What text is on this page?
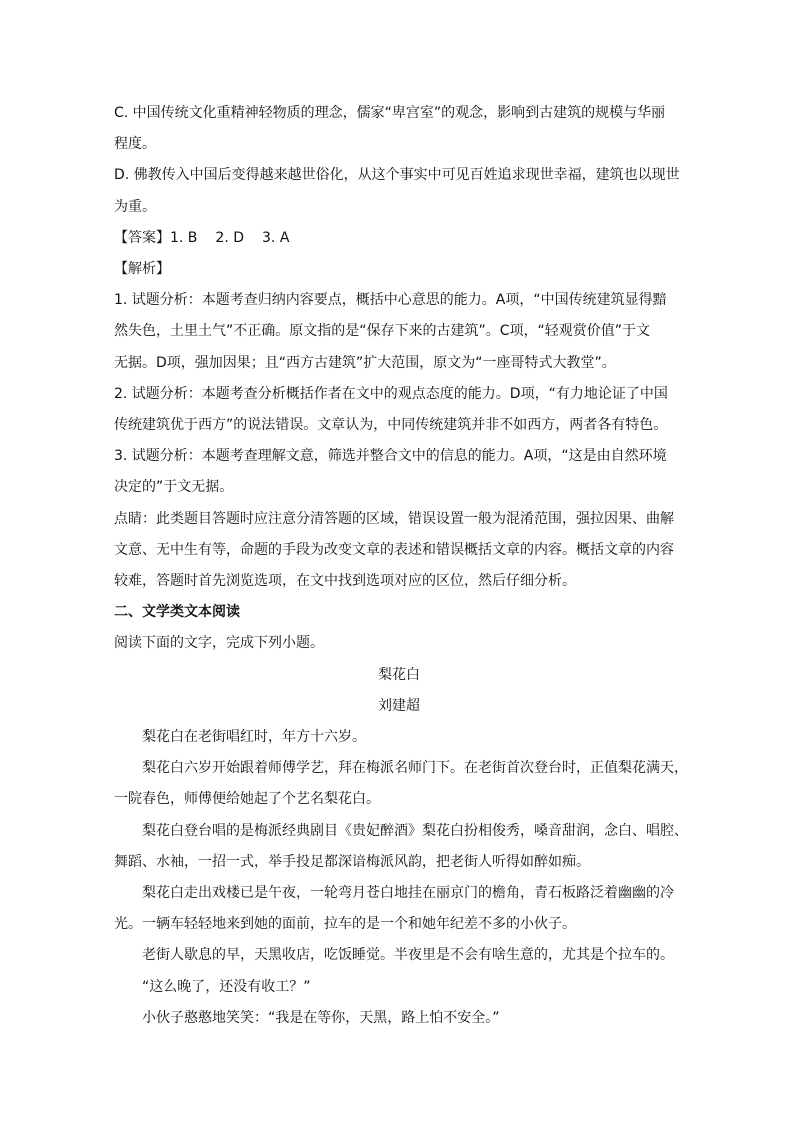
C. 中国传统文化重精神轻物质的理念，儒家“卑宫室”的观念，影响到古建筑的规模与华丽
程度。
D. 佛教传入中国后变得越来越世俗化，从这个事实中可见百姓追求现世幸福，建筑也以现世
为重。
【答案】1. B 2. D 3. A
【解析】
1. 试题分析：本题考查归纳内容要点，概括中心意思的能力。A项，“中国传统建筑显得黯
然失色，土里土气”不正确。原文指的是“保存下来的古建筑”。C项，“轻观赏价值”于文
无据。D项，强加因果；且“西方古建筑”扩大范围，原文为“一座哥特式大教堂”。
2. 试题分析：本题考查分析概括作者在文中的观点态度的能力。D项，“有力地论证了中国
传统建筑优于西方”的说法错误。文章认为，中同传统建筑并非不如西方，两者各有特色。
3. 试题分析：本题考查理解文意，筛选并整合文中的信息的能力。A项，“这是由自然环境
决定的”于文无据。
点睛：此类题目答题时应注意分清答题的区域，错误设置一般为混淆范围，强拉因果、曲解
文意、无中生有等，命题的手段为改变文章的表述和错误概括文章的内容。概括文章的内容
较难，答题时首先浏览选项，在文中找到选项对应的区位，然后仔细分析。
二、文学类文本阅读
阅读下面的文字，完成下列小题。
梨花白
刘建超
梨花白在老街唱红时，年方十六岁。
梨花白六岁开始跟着师傅学艺，拜在梅派名师门下。在老街首次登台时，正值梨花满天，
一院春色，师傅便给她起了个艺名梨花白。
梨花白登台唱的是梅派经典剧目《贵妃醉酒》梨花白扮相俊秀，嗓音甜润，念白、唱腔、
舞蹈、水袖，一招一式，举手投足都深谙梅派风韵，把老街人听得如醉如痴。
梨花白走出戏楼已是午夜，一轮弯月苍白地挂在丽京门的檐角，青石板路泛着幽幽的冷
光。一辆车轻轻地来到她的面前，拉车的是一个和她年纪差不多的小伙子。
老街人歇息的早，天黑收店，吃饭睡觉。半夜里是不会有啥生意的，尤其是个拉车的。
“这么晚了，还没有收工？”
小伙子憨憨地笑笑：“我是在等你，天黑，路上怕不安全。”
